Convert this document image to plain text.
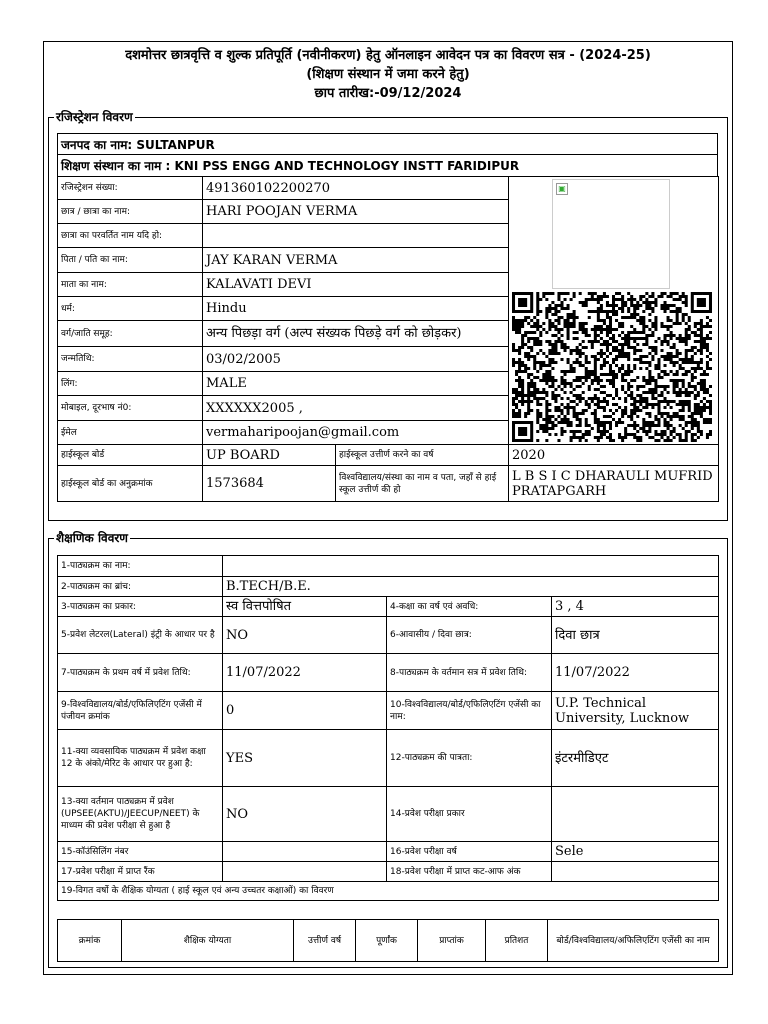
दशमोत्तर छात्रवृत्ति व शुल्क प्रतिपूर्ति (नवीनीकरण) हेतु ऑनलाइन आवेदन पत्र का विवरण सत्र - (2024-25)
(शिक्षण संस्थान में जमा करने हेतु)
छाप तारीख:-09/12/2024
रजिस्ट्रेशन विवरण
जनपद का नाम: SULTANPUR
शिक्षण संस्थान का नाम : KNI PSS ENGG AND TECHNOLOGY INSTT FARIDIPUR
रजिस्ट्रेशन संख्या:	491360102200270	
छात्र / छात्रा का नाम:	HARI POOJAN VERMA	
छात्रा का परवर्तित नाम यदि हो:		
पिता / पति का नाम:	JAY KARAN VERMA	
माता का नाम:	KALAVATI DEVI	
धर्म:	Hindu	
वर्ग/जाति समूह:	अन्य पिछड़ा वर्ग (अल्प संख्यक पिछड़े वर्ग को छोड़कर)	
जन्मतिथि:	03/02/2005	
लिंग:	MALE	
मोबाइल, दूरभाष नं0:	XXXXXX2005 ,	
ईमेल	vermaharipoojan@gmail.com	
हाईस्कूल बोर्ड	UP BOARD	हाईस्कूल उत्तीर्ण करने का वर्ष	2020
हाईस्कूल बोर्ड का अनुक्रमांक	1573684	विश्वविद्यालय/संस्था का नाम व पता, जहाँ से हाई स्कूल उत्तीर्ण की हो	L B S I C DHARAULI MUFRID PRATAPGARH
▣
शैक्षणिक विवरण
1-पाठ्यक्रम का नाम:			
2-पाठ्यक्रम का ब्रांच:	B.TECH/B.E.		
3-पाठ्यक्रम का प्रकार:	स्व वित्तपोषित	4-कक्षा का वर्ष एवं अवधि:	3 , 4
5-प्रवेश लेटरल(Lateral) इंट्री के आधार पर है	NO	6-आवासीय / दिवा छात्र:	दिवा छात्र
7-पाठ्यक्रम के प्रथम वर्ष में प्रवेश तिथि:	11/07/2022	8-पाठ्यक्रम के वर्तमान सत्र में प्रवेश तिथि:	11/07/2022
9-विश्वविद्यालय/बोर्ड/एफिलिएटिंग एजेंसी में पंजीयन क्रमांक	0	10-विश्वविद्यालय/बोर्ड/एफिलिएटिंग एजेंसी का नाम:	U.P. Technical University, Lucknow
11-क्या व्यवसायिक पाठ्यक्रम में प्रवेश कक्षा 12 के अंको/मेरिट के आधार पर हुआ है:	YES	12-पाठ्यक्रम की पात्रता:	इंटरमीडिएट
13-क्या वर्तमान पाठ्यक्रम में प्रवेश (UPSEE(AKTU)/JEECUP/NEET) के माध्यम की प्रवेश परीक्षा से हुआ है	NO	14-प्रवेश परीक्षा प्रकार	
15-कॉउंसिलिंग नंबर		16-प्रवेश परीक्षा वर्ष	Sele
17-प्रवेश परीक्षा में प्राप्त रैंक		18-प्रवेश परीक्षा में प्राप्त कट-आफ अंक	
19-विगत वर्षो के शैक्षिक योग्यता ( हाई स्कूल एवं अन्य उच्चतर कक्षाओं) का विवरण			
क्रमांक	शैक्षिक योग्यता	उत्तीर्ण वर्ष	पूर्णांक	प्राप्तांक	प्रतिशत	बोर्ड/विश्वविद्यालय/अफिलिएटिंग एजेंसी का नाम
